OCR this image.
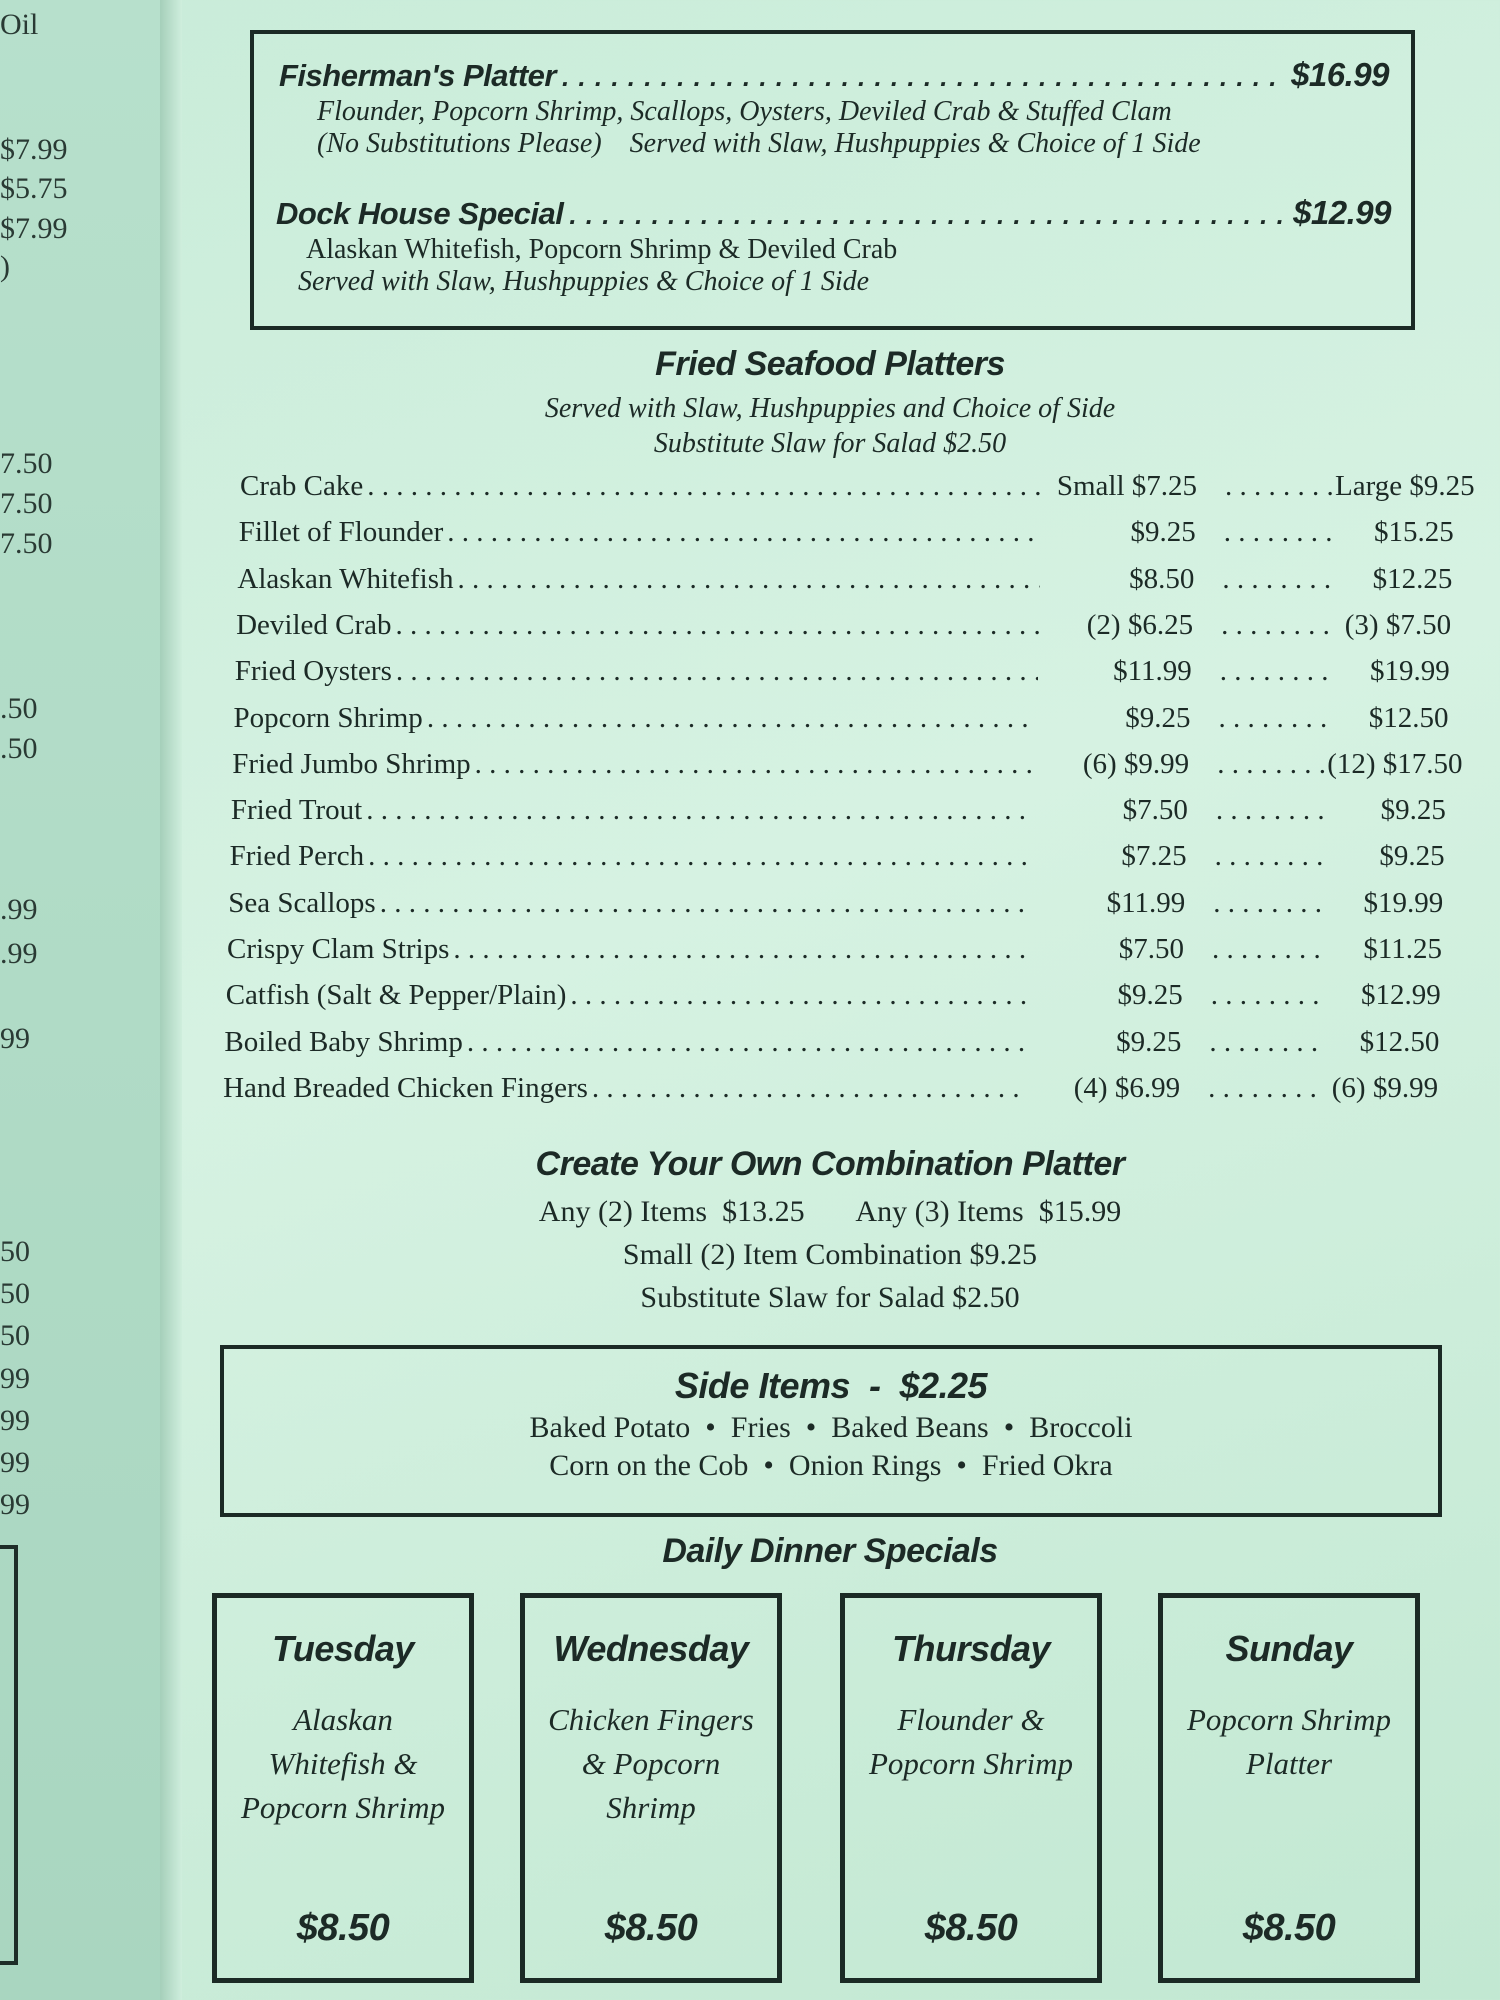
Oil
$7.99
$5.75
$7.99
)
7.50
7.50
7.50
.50
.50
.99
.99
99
50
50
50
99
99
99
99
Fisherman's Platter . . .	$16.99
Flounder, Popcorn Shrimp, Scallops, Oysters, Deviled Crab & Stuffed Clam
(No Substitutions Please)    Served with Slaw, Hushpuppies & Choice of 1 Side
Dock House Special . . .	$12.99
Alaskan Whitefish, Popcorn Shrimp & Deviled Crab
Served with Slaw, Hushpuppies & Choice of 1 Side
Fried Seafood Platters
Served with Slaw, Hushpuppies and Choice of Side
Substitute Slaw for Salad $2.50
Crab Cake . . .	Small $7.25 . . .	Large $9.25
Fillet of Flounder . . .	$9.25 . . .	$15.25
Alaskan Whitefish . . .	$8.50 . . .	$12.25
Deviled Crab . . .	(2) $6.25 . . .	(3) $7.50
Fried Oysters . . .	$11.99 . . .	$19.99
Popcorn Shrimp . . .	$9.25 . . .	$12.50
Fried Jumbo Shrimp . . .	(6) $9.99 . . .	(12) $17.50
Fried Trout . . .	$7.50 . . .	$9.25
Fried Perch . . .	$7.25 . . .	$9.25
Sea Scallops . . .	$11.99 . . .	$19.99
Crispy Clam Strips . . .	$7.50 . . .	$11.25
Catfish (Salt & Pepper/Plain) . . .	$9.25 . . .	$12.99
Boiled Baby Shrimp . . .	$9.25 . . .	$12.50
Hand Breaded Chicken Fingers . . .	(4) $6.99 . . .	(6) $9.99
Create Your Own Combination Platter
Any (2) Items  $13.25       Any (3) Items  $15.99
Small (2) Item Combination $9.25
Substitute Slaw for Salad $2.50
Side Items  -  $2.25
Baked Potato  •  Fries  •  Baked Beans  •  Broccoli
Corn on the Cob  •  Onion Rings  •  Fried Okra
Daily Dinner Specials
Tuesday
Alaskan Whitefish & Popcorn Shrimp
$8.50
Wednesday
Chicken Fingers & Popcorn Shrimp
$8.50
Thursday
Flounder & Popcorn Shrimp
$8.50
Sunday
Popcorn Shrimp Platter
$8.50
